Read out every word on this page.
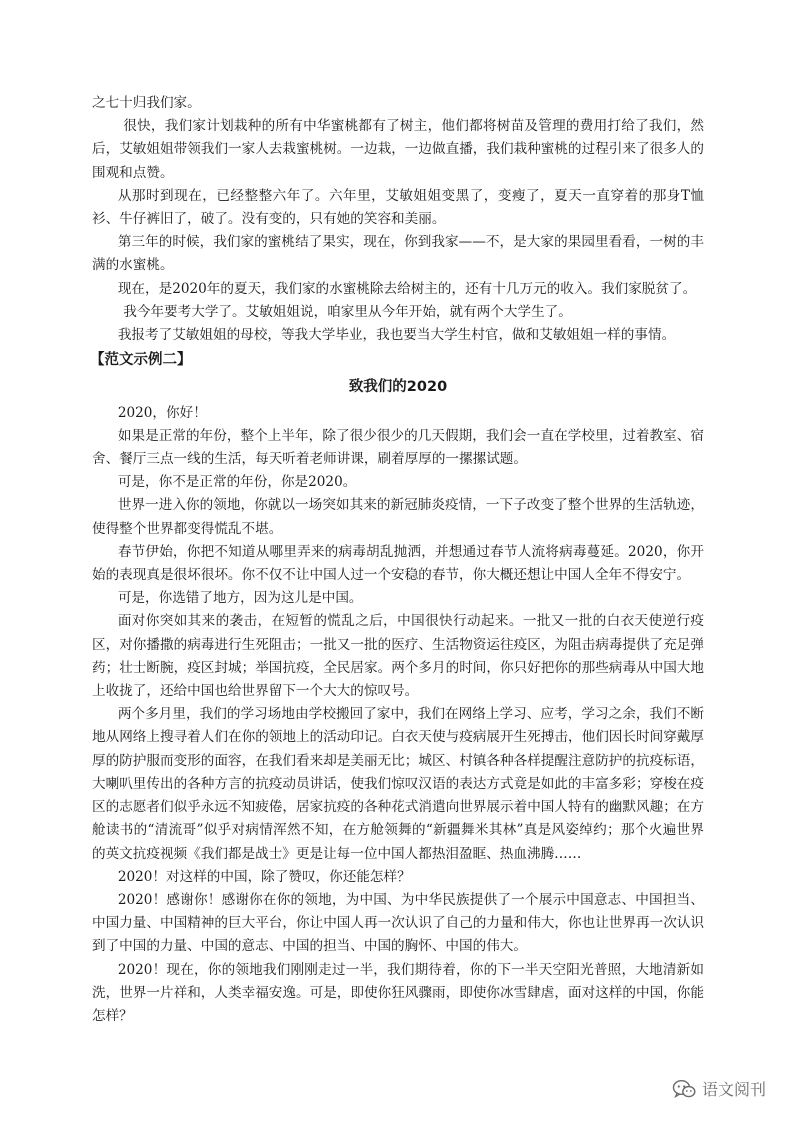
之七十归我们家。

很快，我们家计划栽种的所有中华蜜桃都有了树主，他们都将树苗及管理的费用打给了我们，然后，艾敏姐姐带领我们一家人去栽蜜桃树。一边栽，一边做直播，我们栽种蜜桃的过程引来了很多人的围观和点赞。

从那时到现在，已经整整六年了。六年里，艾敏姐姐变黑了，变瘦了，夏天一直穿着的那身T恤衫、牛仔裤旧了，破了。没有变的，只有她的笑容和美丽。

第三年的时候，我们家的蜜桃结了果实，现在，你到我家——不，是大家的果园里看看，一树的丰满的水蜜桃。

现在，是2020年的夏天，我们家的水蜜桃除去给树主的，还有十几万元的收入。我们家脱贫了。

我今年要考大学了。艾敏姐姐说，咱家里从今年开始，就有两个大学生了。

我报考了艾敏姐姐的母校，等我大学毕业，我也要当大学生村官，做和艾敏姐姐一样的事情。

【范文示例二】

致我们的2020

2020，你好！

如果是正常的年份，整个上半年，除了很少很少的几天假期，我们会一直在学校里，过着教室、宿舍、餐厅三点一线的生活，每天听着老师讲课，刷着厚厚的一摞摞试题。

可是，你不是正常的年份，你是2020。

世界一进入你的领地，你就以一场突如其来的新冠肺炎疫情，一下子改变了整个世界的生活轨迹，使得整个世界都变得慌乱不堪。

春节伊始，你把不知道从哪里弄来的病毒胡乱抛洒，并想通过春节人流将病毒蔓延。2020，你开始的表现真是很坏很坏。你不仅不让中国人过一个安稳的春节，你大概还想让中国人全年不得安宁。

可是，你选错了地方，因为这儿是中国。

面对你突如其来的袭击，在短暂的慌乱之后，中国很快行动起来。一批又一批的白衣天使逆行疫区，对你播撒的病毒进行生死阻击；一批又一批的医疗、生活物资运往疫区，为阻击病毒提供了充足弹药；壮士断腕，疫区封城；举国抗疫，全民居家。两个多月的时间，你只好把你的那些病毒从中国大地上收拢了，还给中国也给世界留下一个大大的惊叹号。

两个多月里，我们的学习场地由学校搬回了家中，我们在网络上学习、应考，学习之余，我们不断地从网络上搜寻着人们在你的领地上的活动印记。白衣天使与疫病展开生死搏击，他们因长时间穿戴厚厚的防护服而变形的面容，在我们看来却是美丽无比；城区、村镇各种各样提醒注意防护的抗疫标语，大喇叭里传出的各种方言的抗疫动员讲话，使我们惊叹汉语的表达方式竟是如此的丰富多彩；穿梭在疫区的志愿者们似乎永远不知疲倦，居家抗疫的各种花式消遣向世界展示着中国人特有的幽默风趣；在方舱读书的“清流哥”似乎对病情浑然不知，在方舱领舞的“新疆舞米其林”真是风姿绰约；那个火遍世界的英文抗疫视频《我们都是战士》更是让每一位中国人都热泪盈眶、热血沸腾……

2020！对这样的中国，除了赞叹，你还能怎样？

2020！感谢你！感谢你在你的领地，为中国、为中华民族提供了一个展示中国意志、中国担当、中国力量、中国精神的巨大平台，你让中国人再一次认识了自己的力量和伟大，你也让世界再一次认识到了中国的力量、中国的意志、中国的担当、中国的胸怀、中国的伟大。

2020！现在，你的领地我们刚刚走过一半，我们期待着，你的下一半天空阳光普照，大地清新如洗，世界一片祥和，人类幸福安逸。可是，即使你狂风骤雨，即使你冰雪肆虐，面对这样的中国，你能怎样？

语文阅刊
